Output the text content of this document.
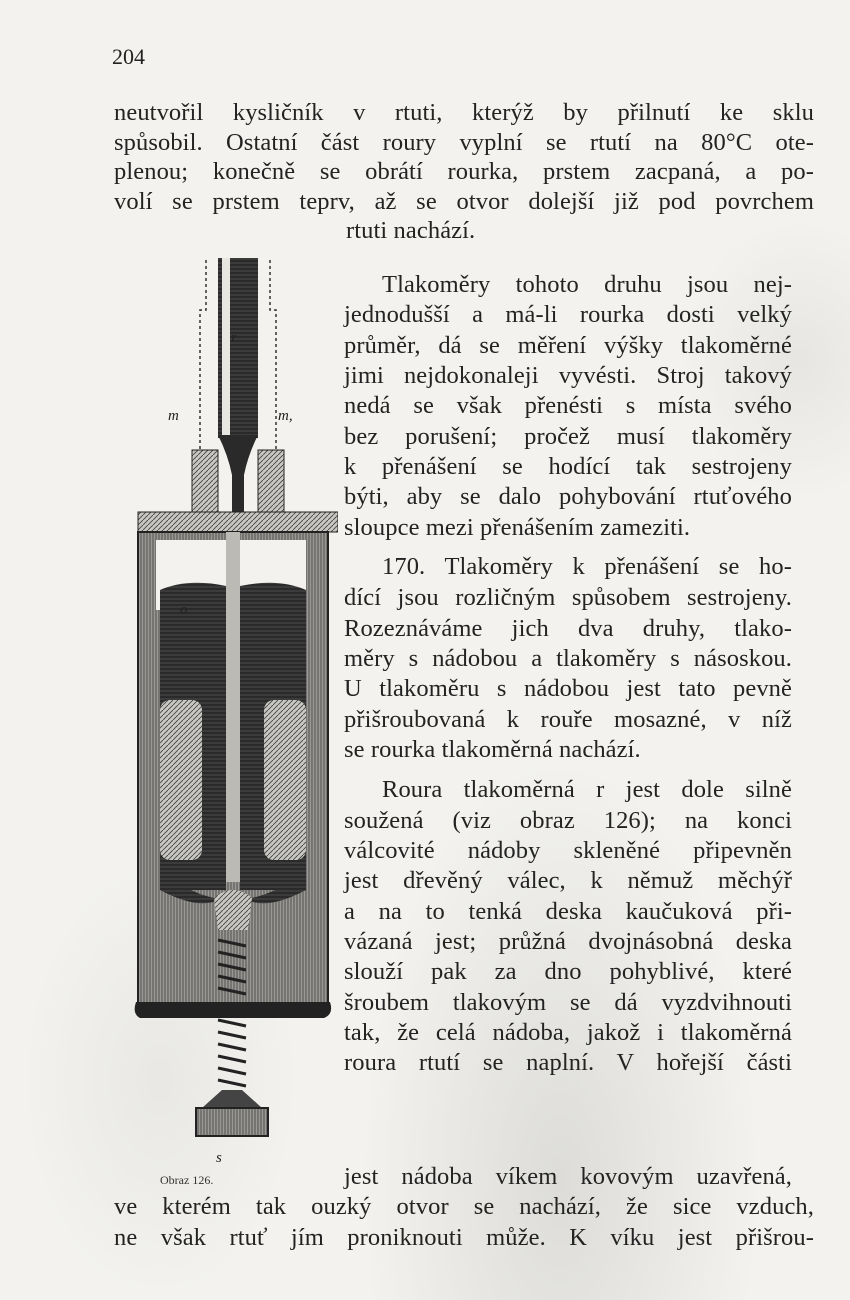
204
neutvořil kysličník v rtuti, kterýž by přilnutí ke sklu
spůsobil. Ostatní část roury vyplní se rtutí na 80°C ote-
plenou; konečně se obrátí rourka, prstem zacpaná, a po-
volí se prstem teprv, až se otvor dolejší již pod povrchem
rtuti nachází.
Tlakoměry tohoto druhu jsou nej-
jednodušší a má-li rourka dosti velký
průměr, dá se měření výšky tlakoměrné
jimi nejdokonaleji vyvésti. Stroj takový
nedá se však přenésti s místa svého
bez porušení; pročež musí tlakoměry
k přenášení se hodící tak sestrojeny
býti, aby se dalo pohybování rtuťového
sloupce mezi přenášením zameziti.
170. Tlakoměry k přenášení se ho-
dící jsou rozličným spůsobem sestrojeny.
Rozeznáváme jich dva druhy, tlako-
měry s nádobou a tlakoměry s násoskou.
U tlakoměru s nádobou jest tato pevně
přišroubovaná k rouře mosazné, v níž
se rourka tlakoměrná nachází.
Roura tlakoměrná r jest dole silně
soužená (viz obraz 126); na konci
válcovité nádoby skleněné připevněn
jest dřevěný válec, k němuž měchýř
a na to tenká deska kaučuková při-
vázaná jest; průžná dvojnásobná deska
slouží pak za dno pohyblivé, které
šroubem tlakovým se dá vyzdvihnouti
tak, že celá nádoba, jakož i tlakoměrná
roura rtutí se naplní. V hořejší části
jest nádoba víkem kovovým uzavřená,
ve kterém tak ouzký otvor se nachází, že sice vzduch,
ne však rtuť jím proniknouti může. K víku jest přišrou-
r
m	m,
o
s
Obraz 126.
